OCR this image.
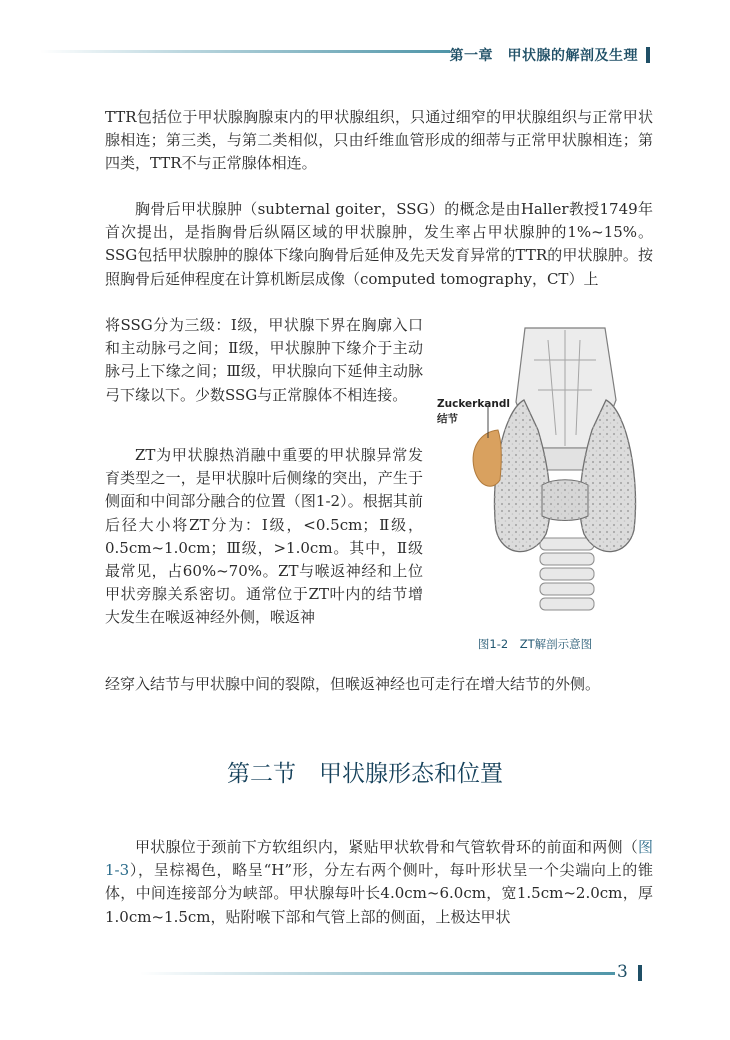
第一章　甲状腺的解剖及生理

TTR包括位于甲状腺胸腺束内的甲状腺组织，只通过细窄的甲状腺组织与正常甲状腺相连；第三类，与第二类相似，只由纤维血管形成的细蒂与正常甲状腺相连；第四类，TTR不与正常腺体相连。

胸骨后甲状腺肿（subternal goiter，SSG）的概念是由Haller教授1749年首次提出，是指胸骨后纵隔区域的甲状腺肿，发生率占甲状腺肿的1%~15%。SSG包括甲状腺肿的腺体下缘向胸骨后延伸及先天发育异常的TTR的甲状腺肿。按照胸骨后延伸程度在计算机断层成像（computed tomography，CT）上

将SSG分为三级：Ⅰ级，甲状腺下界在胸廓入口和主动脉弓之间；Ⅱ级，甲状腺肿下缘介于主动脉弓上下缘之间；Ⅲ级，甲状腺向下延伸主动脉弓下缘以下。少数SSG与正常腺体不相连接。

ZT为甲状腺热消融中重要的甲状腺异常发育类型之一，是甲状腺叶后侧缘的突出，产生于侧面和中间部分融合的位置（图1-2）。根据其前后径大小将ZT分为：Ⅰ级，<0.5cm；Ⅱ级，0.5cm~1.0cm；Ⅲ级，>1.0cm。其中，Ⅱ级最常见，占60%~70%。ZT与喉返神经和上位甲状旁腺关系密切。通常位于ZT叶内的结节增大发生在喉返神经外侧，喉返神

经穿入结节与甲状腺中间的裂隙，但喉返神经也可走行在增大结节的外侧。

Zuckerkandl
结节
图1-2　ZT解剖示意图
第二节　甲状腺形态和位置

甲状腺位于颈前下方软组织内，紧贴甲状软骨和气管软骨环的前面和两侧（图1-3），呈棕褐色，略呈“H”形，分左右两个侧叶，每叶形状呈一个尖端向上的锥体，中间连接部分为峡部。甲状腺每叶长4.0cm~6.0cm，宽1.5cm~2.0cm，厚1.0cm~1.5cm，贴附喉下部和气管上部的侧面，上极达甲状

3
